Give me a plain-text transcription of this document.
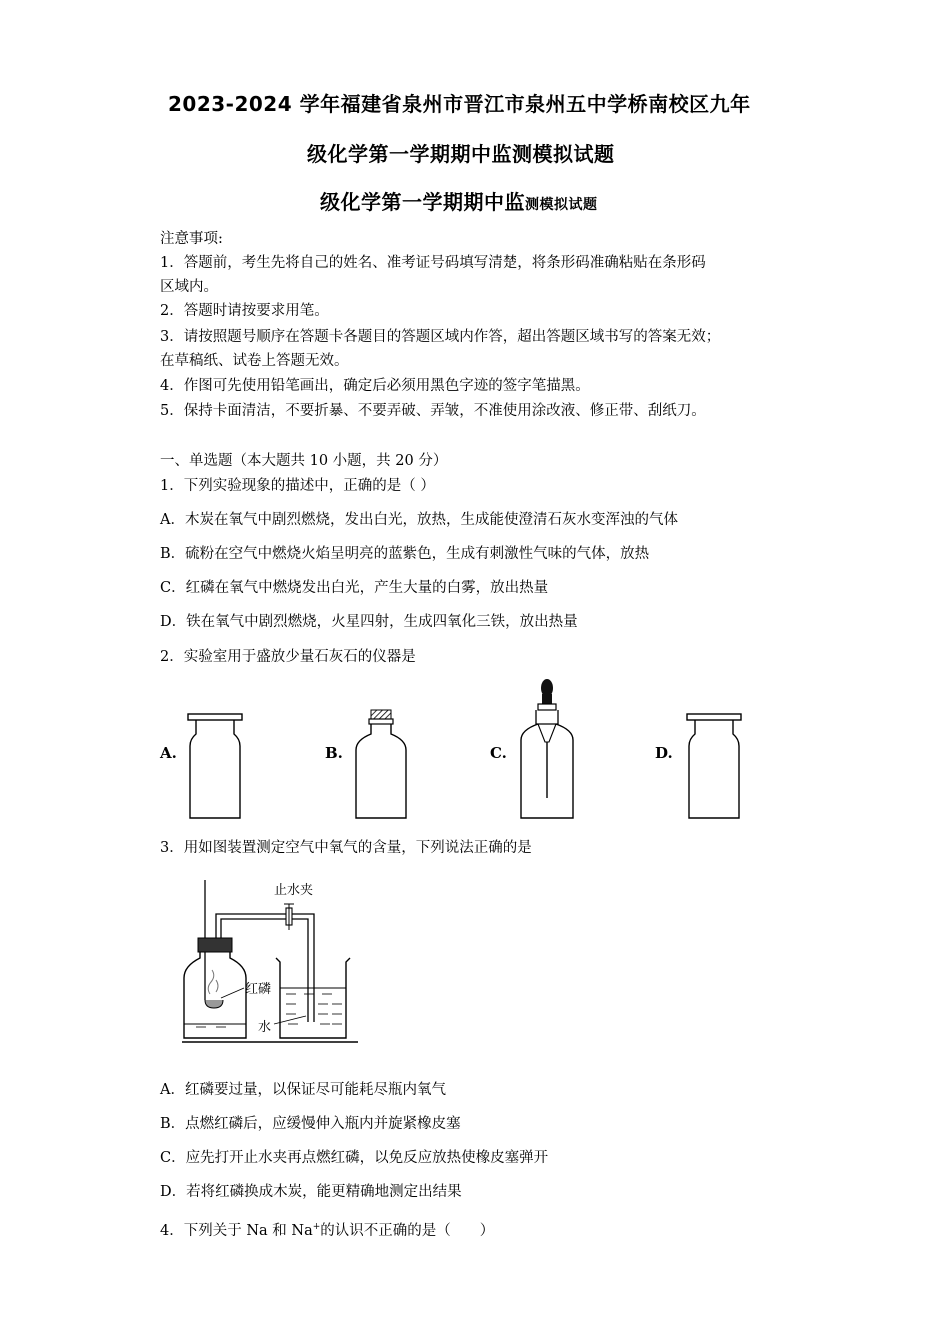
2023-2024 学年福建省泉州市晋江市泉州五中学桥南校区九年
级化学第一学期期中监测模拟试题
级化学第一学期期中监测模拟试题
注意事项:
1．答题前，考生先将自己的姓名、准考证号码填写清楚，将条形码准确粘贴在条形码
区域内。
2．答题时请按要求用笔。
3．请按照题号顺序在答题卡各题目的答题区域内作答，超出答题区域书写的答案无效；
在草稿纸、试卷上答题无效。
4．作图可先使用铅笔画出，确定后必须用黑色字迹的签字笔描黑。
5．保持卡面清洁，不要折暴、不要弄破、弄皱，不准使用涂改液、修正带、刮纸刀。
一、单选题（本大题共 10 小题，共 20 分）
1．下列实验现象的描述中，正确的是（ ）
A．木炭在氧气中剧烈燃烧，发出白光，放热，生成能使澄清石灰水变浑浊的气体
B．硫粉在空气中燃烧火焰呈明亮的蓝紫色，生成有刺激性气味的气体，放热
C．红磷在氧气中燃烧发出白光，产生大量的白雾，放出热量
D．铁在氧气中剧烈燃烧，火星四射，生成四氧化三铁，放出热量
2．实验室用于盛放少量石灰石的仪器是
A.	B.	C.	D.
3．用如图装置测定空气中氧气的含量，下列说法正确的是
止水夹
红磷
水
A．红磷要过量，以保证尽可能耗尽瓶内氧气
B．点燃红磷后，应缓慢伸入瓶内并旋紧橡皮塞
C．应先打开止水夹再点燃红磷，以免反应放热使橡皮塞弹开
D．若将红磷换成木炭，能更精确地测定出结果
4．下列关于 Na 和 Na+的认识不正确的是（　　）
